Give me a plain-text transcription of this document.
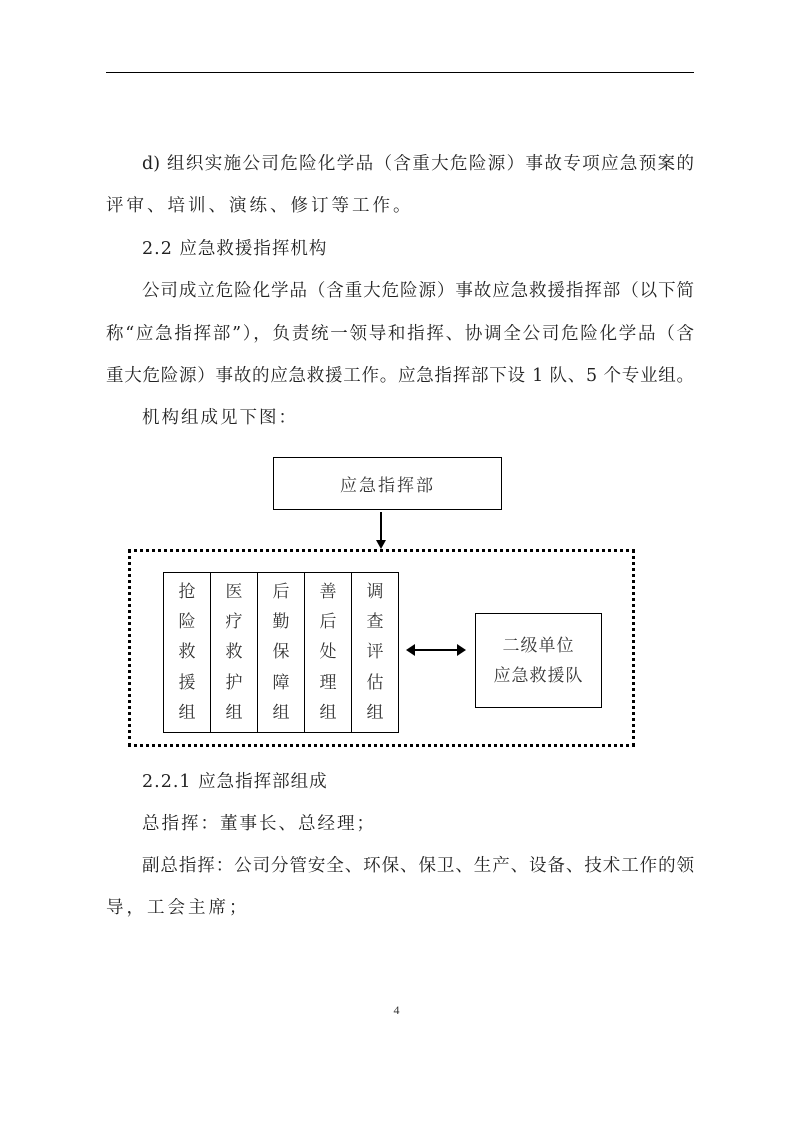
d) 组织实施公司危险化学品（含重大危险源）事故专项应急预案的
评审、培训、演练、修订等工作。
2.2 应急救援指挥机构
公司成立危险化学品（含重大危险源）事故应急救援指挥部（以下简
称“应急指挥部”），负责统一领导和指挥、协调全公司危险化学品（含
重大危险源）事故的应急救援工作。应急指挥部下设 1 队、5 个专业组。
机构组成见下图：
应急指挥部
抢
险
救
援
组
医
疗
救
护
组
后
勤
保
障
组
善
后
处
理
组
调
查
评
估
组
二级单位
应急救援队
2.2.1 应急指挥部组成
总指挥：董事长、总经理；
副总指挥：公司分管安全、环保、保卫、生产、设备、技术工作的领
导，工会主席；
4
